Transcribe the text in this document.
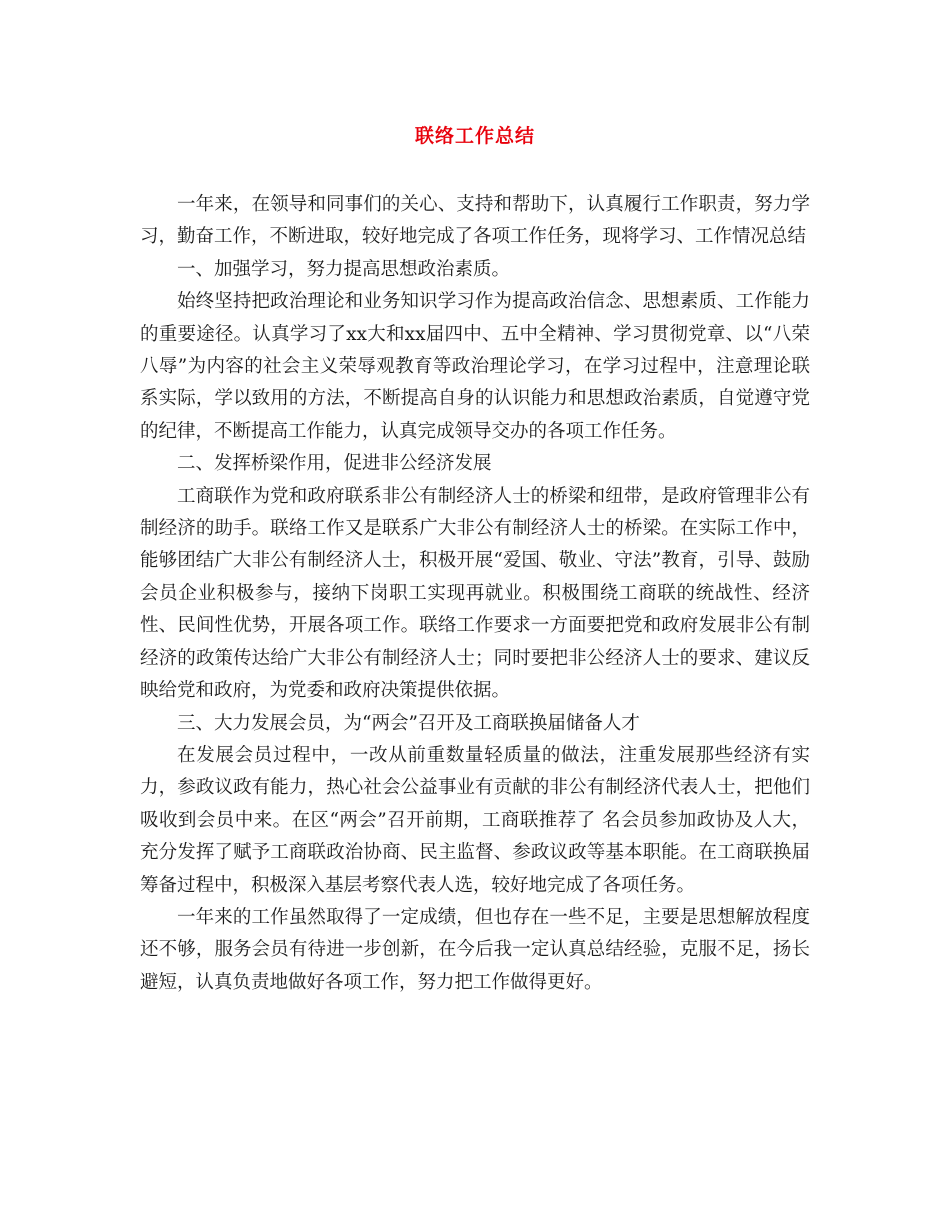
联络工作总结

一年来，在领导和同事们的关心、支持和帮助下，认真履行工作职责，努力学习，勤奋工作，不断进取，较好地完成了各项工作任务，现将学习、工作情况总结

一、加强学习，努力提高思想政治素质。

始终坚持把政治理论和业务知识学习作为提高政治信念、思想素质、工作能力的重要途径。认真学习了xx大和xx届四中、五中全精神、学习贯彻党章、以“八荣八辱”为内容的社会主义荣辱观教育等政治理论学习，在学习过程中，注意理论联系实际，学以致用的方法，不断提高自身的认识能力和思想政治素质，自觉遵守党的纪律，不断提高工作能力，认真完成领导交办的各项工作任务。

二、发挥桥梁作用，促进非公经济发展

工商联作为党和政府联系非公有制经济人士的桥梁和纽带，是政府管理非公有制经济的助手。联络工作又是联系广大非公有制经济人士的桥梁。在实际工作中，能够团结广大非公有制经济人士，积极开展“爱国、敬业、守法”教育，引导、鼓励会员企业积极参与，接纳下岗职工实现再就业。积极围绕工商联的统战性、经济性、民间性优势，开展各项工作。联络工作要求一方面要把党和政府发展非公有制经济的政策传达给广大非公有制经济人士；同时要把非公经济人士的要求、建议反映给党和政府，为党委和政府决策提供依据。

三、大力发展会员，为“两会”召开及工商联换届储备人才

在发展会员过程中，一改从前重数量轻质量的做法，注重发展那些经济有实力，参政议政有能力，热心社会公益事业有贡献的非公有制经济代表人士，把他们吸收到会员中来。在区“两会”召开前期，工商联推荐了 名会员参加政协及人大，充分发挥了赋予工商联政治协商、民主监督、参政议政等基本职能。在工商联换届筹备过程中，积极深入基层考察代表人选，较好地完成了各项任务。

一年来的工作虽然取得了一定成绩，但也存在一些不足，主要是思想解放程度还不够，服务会员有待进一步创新，在今后我一定认真总结经验，克服不足，扬长避短，认真负责地做好各项工作，努力把工作做得更好。
